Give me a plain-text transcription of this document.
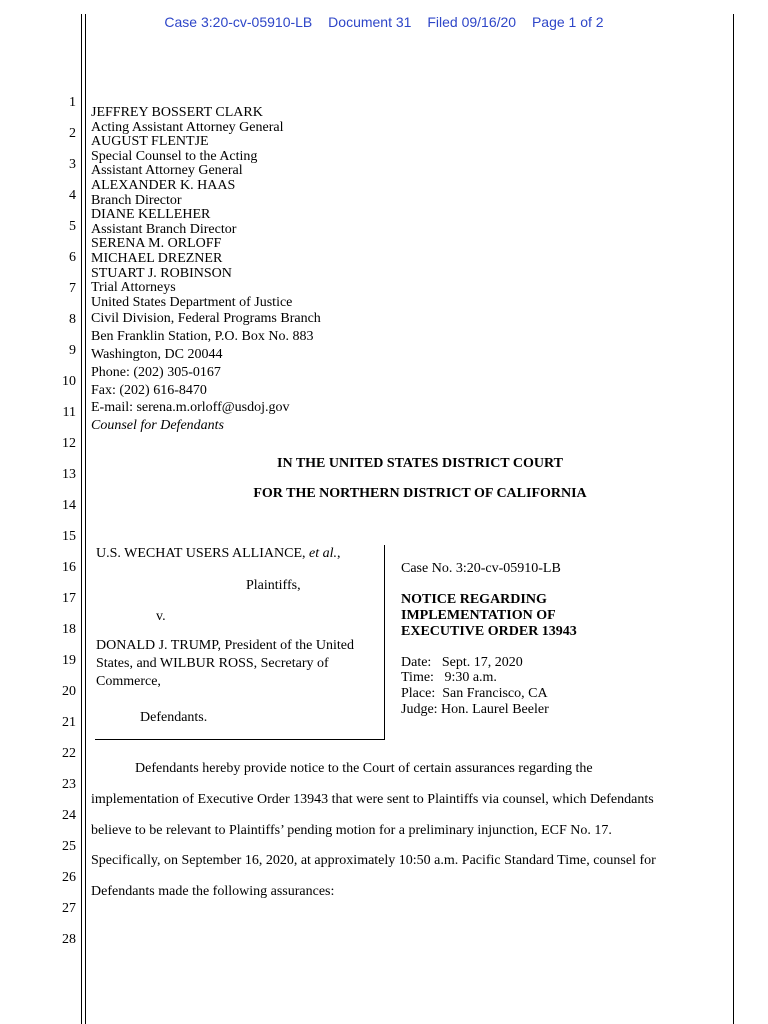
Case 3:20-cv-05910-LB Document 31 Filed 09/16/20 Page 1 of 2
1
2
3
4
5
6
7
8
9
10
11
12
13
14
15
16
17
18
19
20
21
22
23
24
25
26
27
28
JEFFREY BOSSERT CLARK
Acting Assistant Attorney General
AUGUST FLENTJE
Special Counsel to the Acting
Assistant Attorney General
ALEXANDER K. HAAS
Branch Director
DIANE KELLEHER
Assistant Branch Director
SERENA M. ORLOFF
MICHAEL DREZNER
STUART J. ROBINSON
Trial Attorneys
United States Department of Justice
Civil Division, Federal Programs Branch
Ben Franklin Station, P.O. Box No. 883
Washington, DC 20044
Phone: (202) 305-0167
Fax: (202) 616-8470
E-mail: serena.m.orloff@usdoj.gov
Counsel for Defendants
IN THE UNITED STATES DISTRICT COURT
FOR THE NORTHERN DISTRICT OF CALIFORNIA
U.S. WECHAT USERS ALLIANCE, et al.,
Plaintiffs,
v.
DONALD J. TRUMP, President of the United
States, and WILBUR ROSS, Secretary of
Commerce,
Defendants.
Case No. 3:20-cv-05910-LB
NOTICE REGARDING
IMPLEMENTATION OF
EXECUTIVE ORDER 13943
Date:   Sept. 17, 2020
Time:   9:30 a.m.
Place:  San Francisco, CA
Judge: Hon. Laurel Beeler
Defendants hereby provide notice to the Court of certain assurances regarding the
implementation of Executive Order 13943 that were sent to Plaintiffs via counsel, which Defendants
believe to be relevant to Plaintiffs’ pending motion for a preliminary injunction, ECF No. 17.
Specifically, on September 16, 2020, at approximately 10:50 a.m. Pacific Standard Time, counsel for
Defendants made the following assurances:
